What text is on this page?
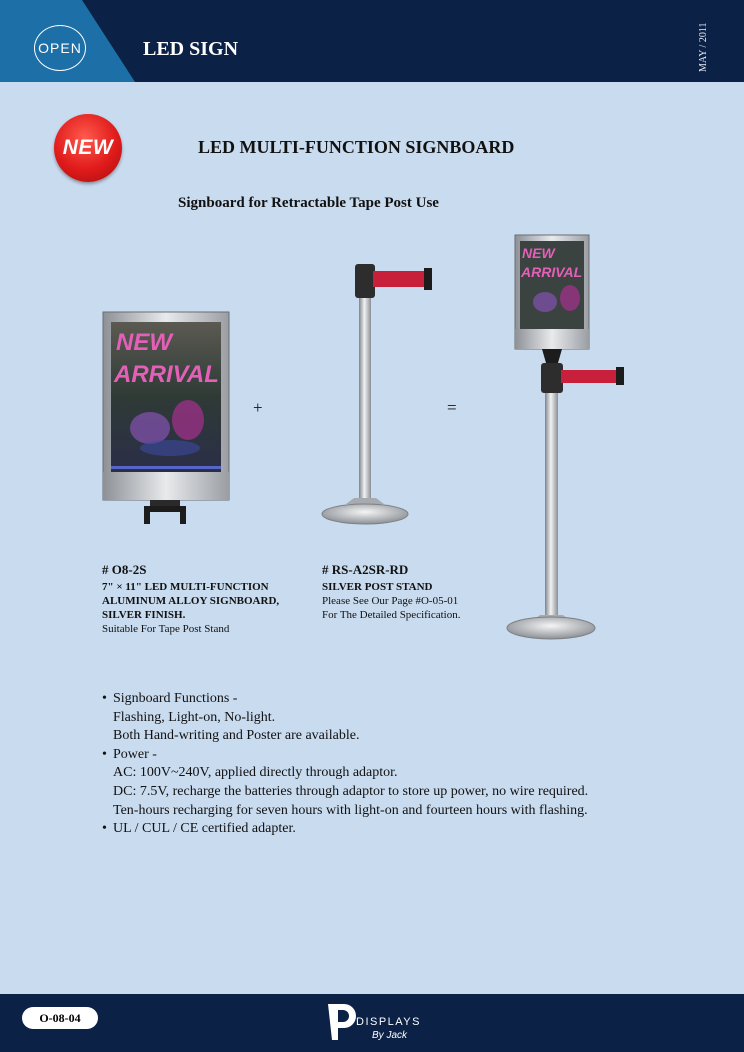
OPEN	LED SIGN	MAY / 2011
NEW	LED MULTI-FUNCTION SIGNBOARD
Signboard for Retractable Tape Post Use
NEW
ARRIVAL
+	=
NEW
ARRIVAL
# O8-2S
7" × 11" LED MULTI-FUNCTION
ALUMINUM ALLOY SIGNBOARD,
SILVER FINISH.
Suitable For Tape Post Stand
# RS-A2SR-RD
SILVER POST STAND
Please See Our Page #O-05-01
For The Detailed Specification.
• Signboard Functions -
Flashing, Light-on, No-light.
Both Hand-writing and Poster are available.
• Power -
AC: 100V~240V, applied directly through adaptor.
DC: 7.5V, recharge the batteries through adaptor to store up power, no wire required.
Ten-hours recharging for seven hours with light-on and fourteen hours with flashing.
• UL / CUL / CE certified adapter.
O-08-04	DISPLAYS
By Jack
